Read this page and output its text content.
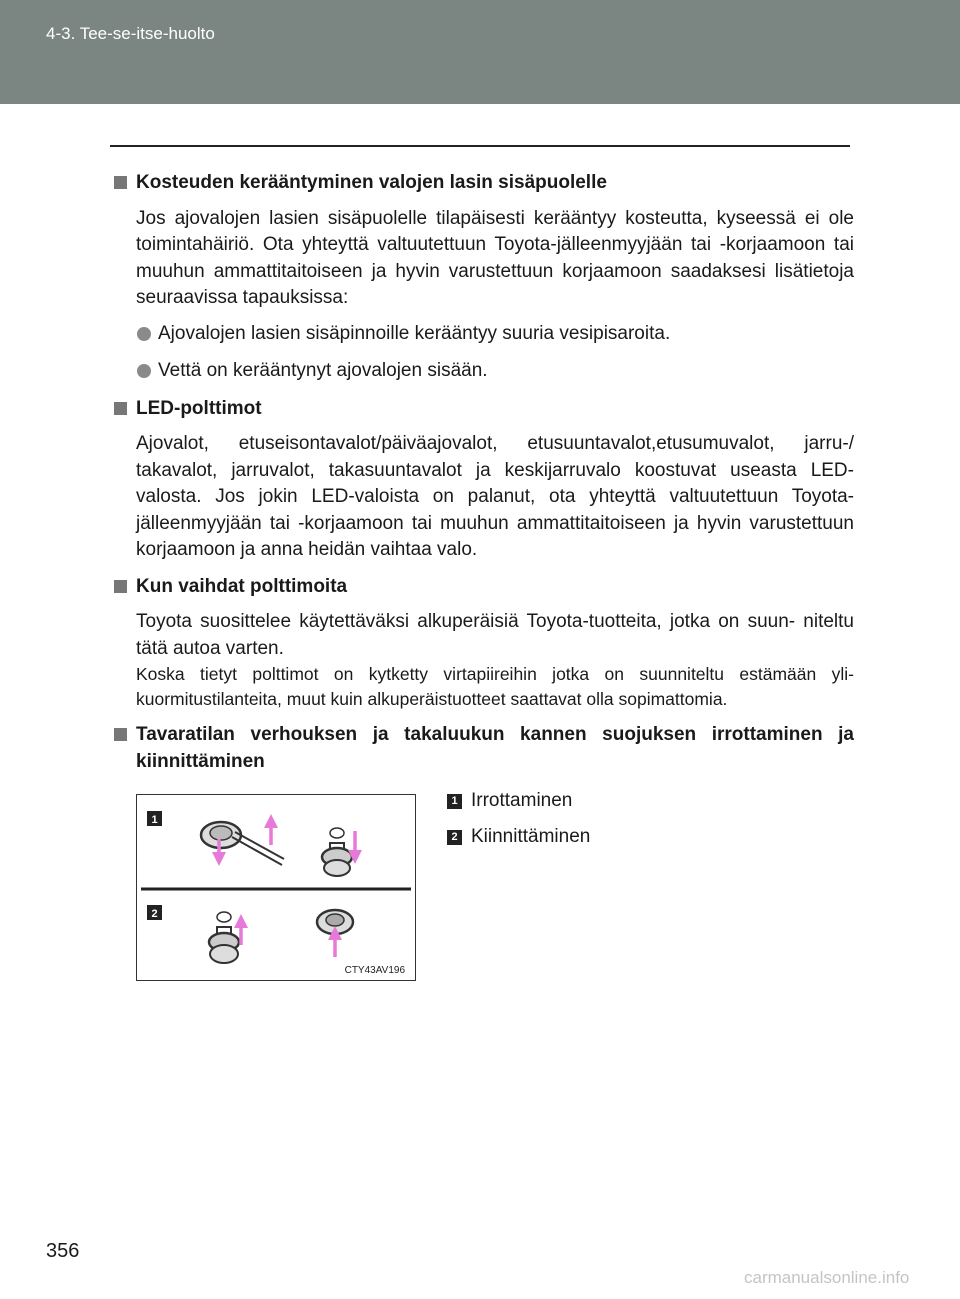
4-3. Tee-se-itse-huolto
Kosteuden kerääntyminen valojen lasin sisäpuolelle
Jos ajovalojen lasien sisäpuolelle tilapäisesti kerääntyy kosteutta, kyseessä ei ole toimintahäiriö. Ota yhteyttä valtuutettuun Toyota-jälleenmyyjään tai -korjaamoon tai muuhun ammattitaitoiseen ja hyvin varustettuun korjaamoon saadaksesi lisätietoja seuraavissa tapauksissa:
Ajovalojen lasien sisäpinnoille kerääntyy suuria vesipisaroita.
Vettä on kerääntynyt ajovalojen sisään.
LED-polttimot
Ajovalot, etuseisontavalot/päiväajovalot, etusuuntavalot,etusumuvalot, jarru-/ takavalot, jarruvalot, takasuuntavalot ja keskijarruvalo koostuvat useasta LED-valosta. Jos jokin LED-valoista on palanut, ota yhteyttä valtuutettuun Toyota-jälleenmyyjään tai -korjaamoon tai muuhun ammattitaitoiseen ja hyvin varustettuun korjaamoon ja anna heidän vaihtaa valo.
Kun vaihdat polttimoita
Toyota suosittelee käytettäväksi alkuperäisiä Toyota-tuotteita, jotka on suun- niteltu tätä autoa varten.
Koska tietyt polttimot on kytketty virtapiireihin jotka on suunniteltu estämään yli- kuormitustilanteita, muut kuin alkuperäistuotteet saattavat olla sopimattomia.
Tavaratilan verhouksen ja takaluukun kannen suojuksen irrottaminen ja kiinnittäminen
1
2
CTY43AV196
1 Irrottaminen
2 Kiinnittäminen
356
carmanualsonline.info
